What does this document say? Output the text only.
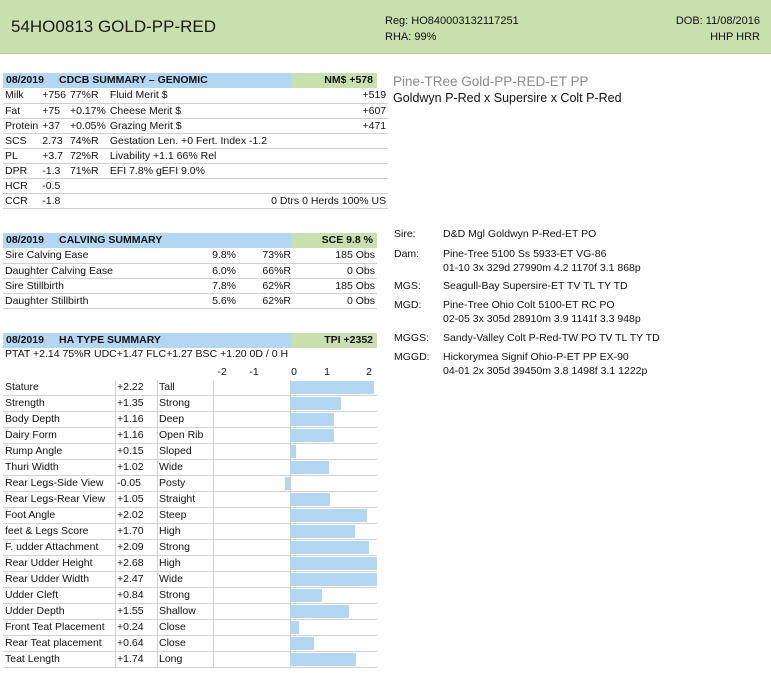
54HO0813 GOLD-PP-RED	Reg: HO840003132117251
RHA: 99%
DOB: 11/08/2016
HHP HRR
08/2019	CDCB SUMMARY – GENOMIC	NM$ +578
Milk	+756	77%R	Fluid Merit $	+519
Fat	+75	+0.17%	Cheese Merit $	+607
Protein	+37	+0.05%	Grazing Merit $	+471
SCS	2.73	74%R	Gestation Len. +0 Fert. Index -1.2	
PL	+3.7	72%R	Livability +1.1 66% Rel	
DPR	-1.3	71%R	EFI 7.8% gEFI 9.0%	
HCR	-0.5			
CCR	-1.8			0 Dtrs 0 Herds 100% US
08/2019	CALVING SUMMARY	SCE 9.8 %
Sire Calving Ease	9.8%	73%R	185 Obs
Daughter Calving Ease	6.0%	66%R	0 Obs
Sire Stillbirth	7.8%	62%R	185 Obs
Daughter Stillbirth	5.6%	62%R	0 Obs
08/2019	HA TYPE SUMMARY	TPI +2352
PTAT +2.14 75%R UDC+1.47 FLC+1.27 BSC +1.20 0D / 0 H
-2 -1	0	1	2
Stature	+2.22 Tall
Strength	+1.35 Strong
Body Depth	+1.16 Deep
Dairy Form	+1.16 Open Rib
Rump Angle	+0.15 Sloped
Thuri Width	+1.02 Wide
Rear Legs-Side View -0.05 Posty
Rear Legs-Rear View +1.05 Straight
Foot Angle	+2.02 Steep
feet & Legs Score	+1.70 High
F. udder Attachment +2.09 Strong
Rear Udder Height +2.68 High
Rear Udder Width	+2.47 Wide
Udder Cleft	+0.84 Strong
Udder Depth	+1.55 Shallow
Front Teat Placement +0.24 Close
Rear Teat placement +0.64 Close
Teat Length	+1.74 Long
Pine-TRee Gold-PP-RED-ET PP
Goldwyn P-Red x Supersire x Colt P-Red
Sire:	D&D Mgl Goldwyn P-Red-ET PO
Dam:	Pine-Tree 5100 Ss 5933-ET VG-86
01-10 3x 329d 27990m 4.2 1170f 3.1 868p
MGS:	Seagull-Bay Supersire-ET TV TL TY TD
MGD:	Pine-Tree Ohio Colt 5100-ET RC PO
02-05 3x 305d 28910m 3.9 1141f 3.3 948p
MGGS:	Sandy-Valley Colt P-Red-TW PO TV TL TY TD
MGGD:	Hickorymea Signif Ohio-P-ET PP EX-90
04-01 2x 305d 39450m 3.8 1498f 3.1 1222p
